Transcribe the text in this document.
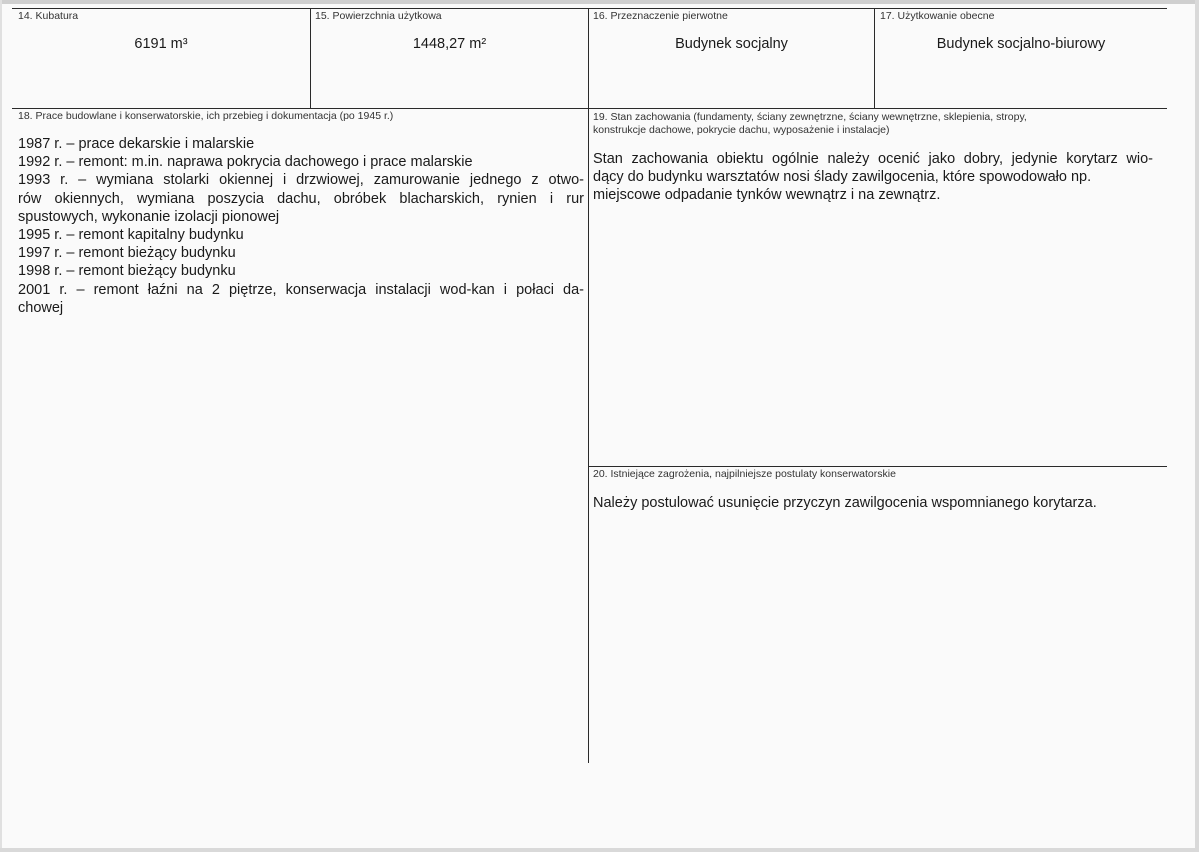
14. Kubatura
6191 m³
15. Powierzchnia użytkowa
1448,27 m²
16. Przeznaczenie pierwotne
Budynek socjalny
17. Użytkowanie obecne
Budynek socjalno-biurowy
18. Prace budowlane i konserwatorskie, ich przebieg i dokumentacja (po 1945 r.)
1987 r. – prace dekarskie i malarskie
1992 r. – remont: m.in. naprawa pokrycia dachowego i prace malarskie
1993 r. – wymiana stolarki okiennej i drzwiowej, zamurowanie jednego z otwo-
rów okiennych, wymiana poszycia dachu, obróbek blacharskich, rynien i rur
spustowych, wykonanie izolacji pionowej
1995 r. – remont kapitalny budynku
1997 r. – remont bieżący budynku
1998 r. – remont bieżący budynku
2001 r. – remont łaźni na 2 piętrze, konserwacja instalacji wod-kan i połaci da-
chowej
19. Stan zachowania (fundamenty, ściany zewnętrzne, ściany wewnętrzne, sklepienia, stropy,
konstrukcje dachowe, pokrycie dachu, wyposażenie i instalacje)
Stan zachowania obiektu ogólnie należy ocenić jako dobry, jedynie korytarz wio-
dący do budynku warsztatów nosi ślady zawilgocenia, które spowodowało np.
miejscowe odpadanie tynków wewnątrz i na zewnątrz.
20. Istniejące zagrożenia, najpilniejsze postulaty konserwatorskie
Należy postulować usunięcie przyczyn zawilgocenia wspomnianego korytarza.
